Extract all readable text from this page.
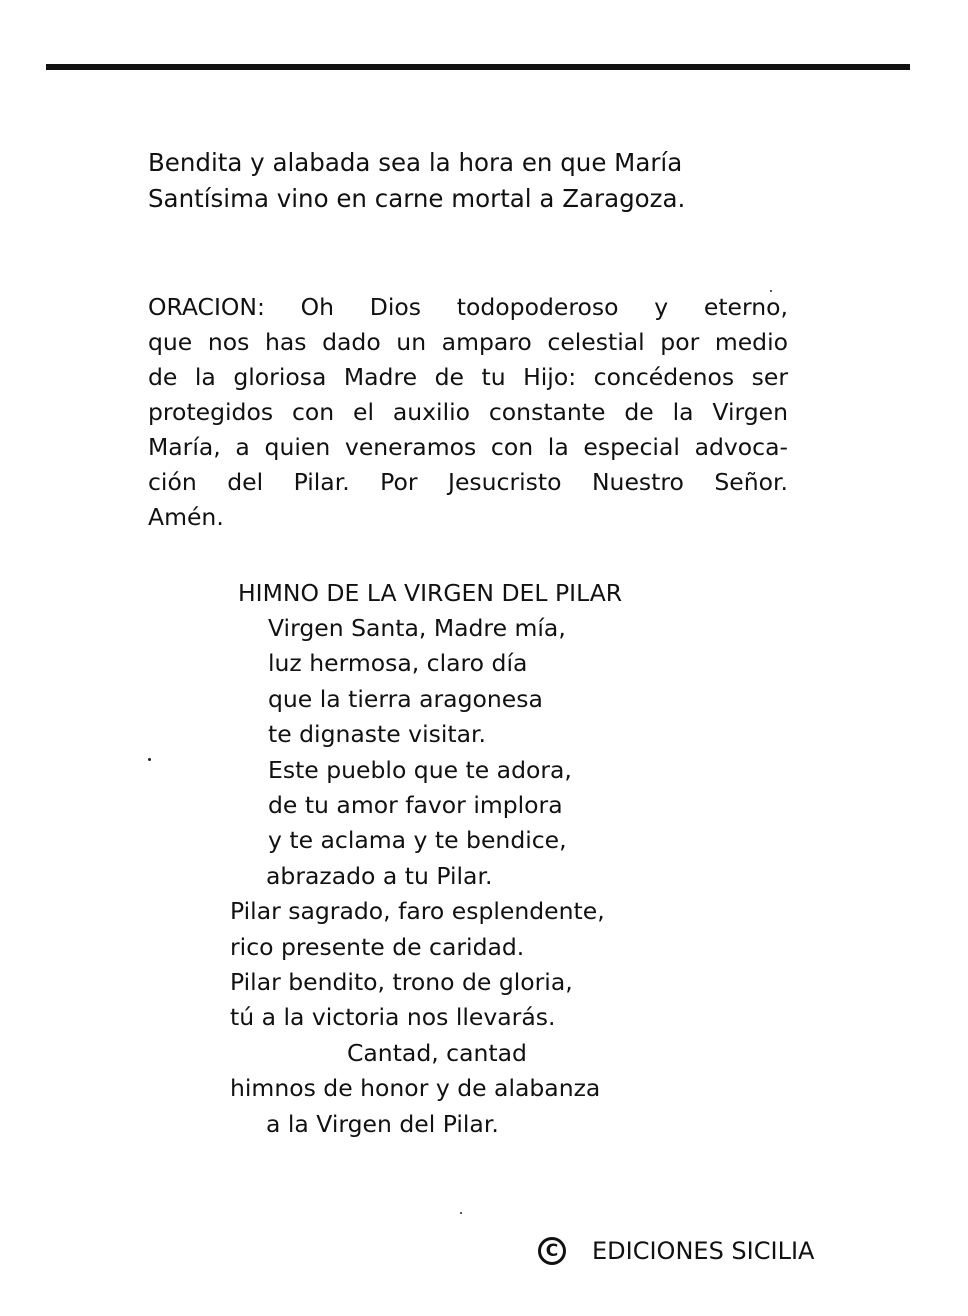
Bendita y alabada sea la hora en que María
Santísima vino en carne mortal a Zaragoza.
ORACION: Oh Dios todopoderoso y eterno,
que nos has dado un amparo celestial por medio
de la gloriosa Madre de tu Hijo: concédenos ser
protegidos con el auxilio constante de la Virgen
María, a quien veneramos con la especial advoca-
ción del Pilar. Por Jesucristo Nuestro Señor.
Amén.
HIMNO DE LA VIRGEN DEL PILAR
Virgen Santa, Madre mía,
luz hermosa, claro día
que la tierra aragonesa
te dignaste visitar.
Este pueblo que te adora,
de tu amor favor implora
y te aclama y te bendice,
abrazado a tu Pilar.
Pilar sagrado, faro esplendente,
rico presente de caridad.
Pilar bendito, trono de gloria,
tú a la victoria nos llevarás.
Cantad, cantad
himnos de honor y de alabanza
a la Virgen del Pilar.
C	EDICIONES SICILIA
